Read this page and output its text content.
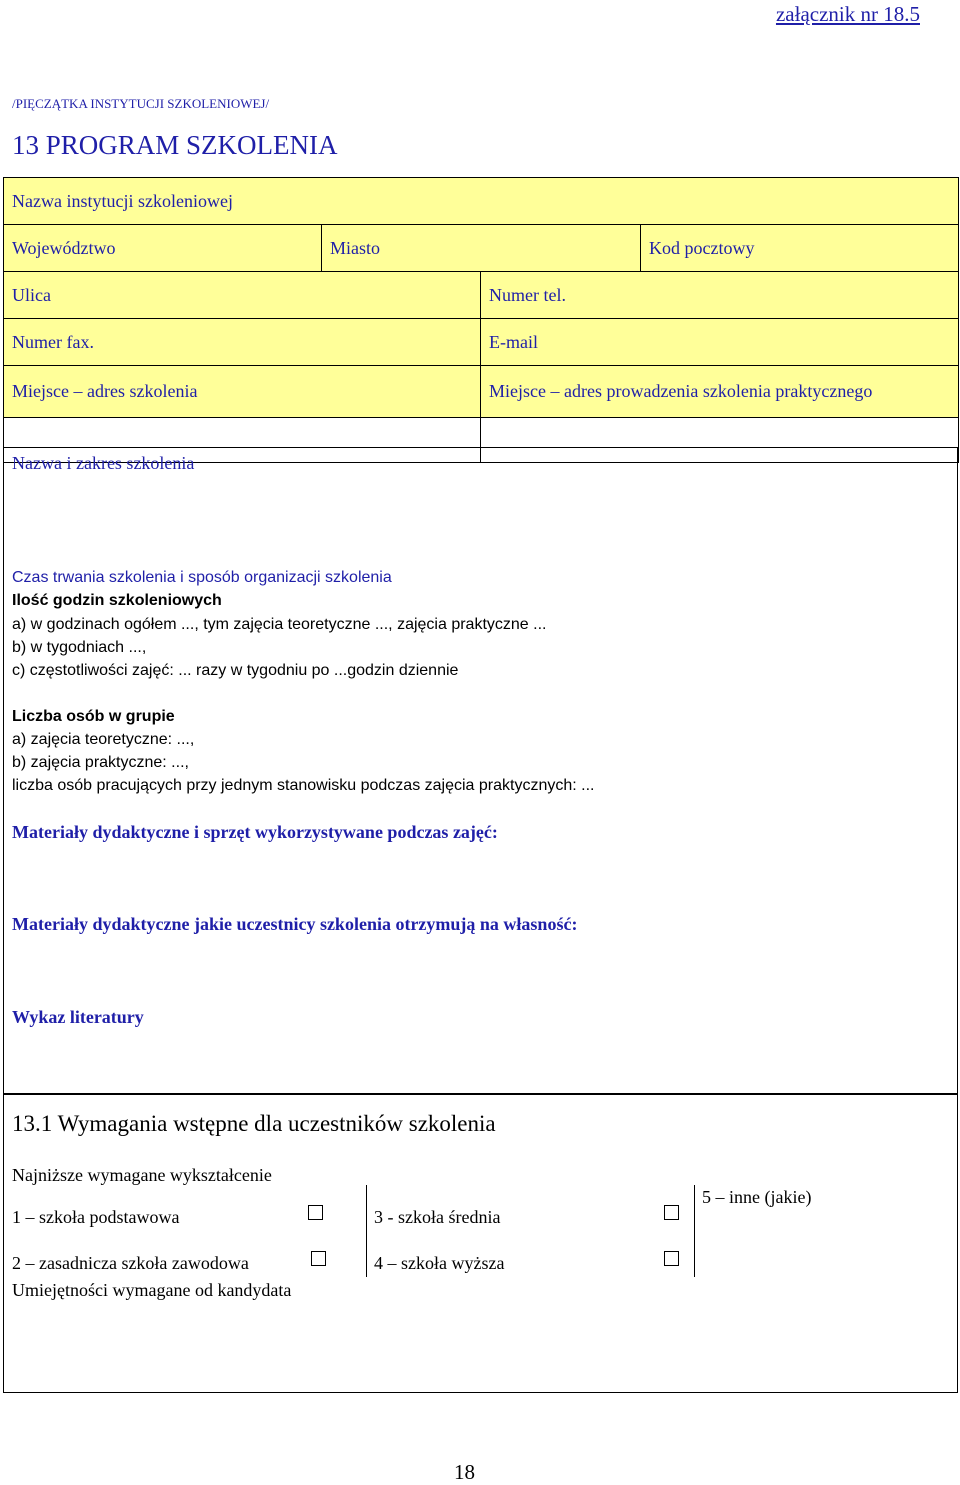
załącznik nr 18.5
/PIĘCZĄTKA INSTYTUCJI SZKOLENIOWEJ/
13 PROGRAM SZKOLENIA
Nazwa instytucji szkoleniowej			
Województwo	Miasto		Kod pocztowy
Ulica		Numer tel.	
Numer fax.		E-mail	
Miejsce – adres szkolenia		Miejsce – adres prowadzenia szkolenia praktycznego	

Nazwa i zakres szkolenia
Czas trwania szkolenia i sposób organizacji szkolenia
Ilość godzin szkoleniowych
a) w godzinach ogółem ..., tym zajęcia teoretyczne ..., zajęcia praktyczne ...
b) w tygodniach ...,
c) częstotliwości zajęć: ... razy w tygodniu po ...godzin dziennie
Liczba osób w grupie
a) zajęcia teoretyczne: ...,
b) zajęcia praktyczne: ...,
liczba osób pracujących przy jednym stanowisku podczas zajęcia praktycznych: ...
Materiały dydaktyczne i sprzęt wykorzystywane podczas zajęć:
Materiały dydaktyczne jakie uczestnicy szkolenia otrzymują na własność:
Wykaz literatury
13.1 Wymagania wstępne dla uczestników szkolenia
Najniższe wymagane wykształcenie
1 – szkoła podstawowa	3 - szkoła średnia
5 – inne (jakie)
2 – zasadnicza szkoła zawodowa	4 – szkoła wyższa
Umiejętności wymagane od kandydata
18
